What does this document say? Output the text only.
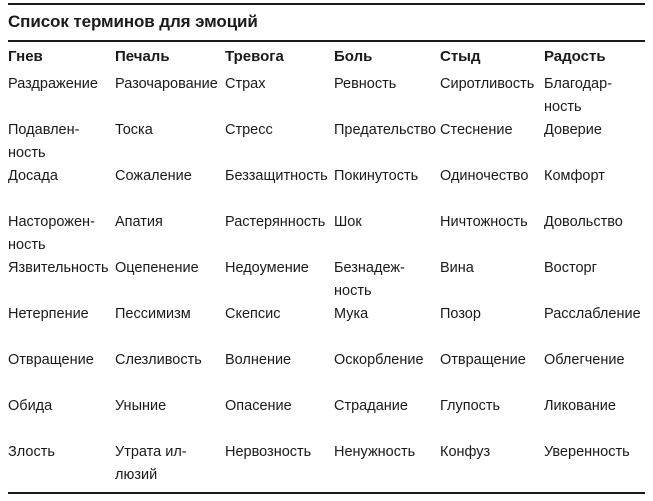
Список терминов для эмоций
Гнев	Печаль	Тревога	Боль	Стыд	Радость
Раздражение	Разочарование	Страх	Ревность	Сиротливость	Благодарность
Подавленность	Тоска	Стресс	Предательство	Стеснение	Доверие
Досада	Сожаление	Беззащитность	Покинутость	Одиночество	Комфорт
Настороженность	Апатия	Растерянность	Шок	Ничтожность	Довольство
Язвительность	Оцепенение	Недоумение	Безнадежность	Вина	Восторг
Нетерпение	Пессимизм	Скепсис	Мука	Позор	Расслабление
Отвращение	Слезливость	Волнение	Оскорбление	Отвращение	Облегчение
Обида	Уныние	Опасение	Страдание	Глупость	Ликование
Злость	Утрата иллюзий	Нервозность	Ненужность	Конфуз	Уверенность
